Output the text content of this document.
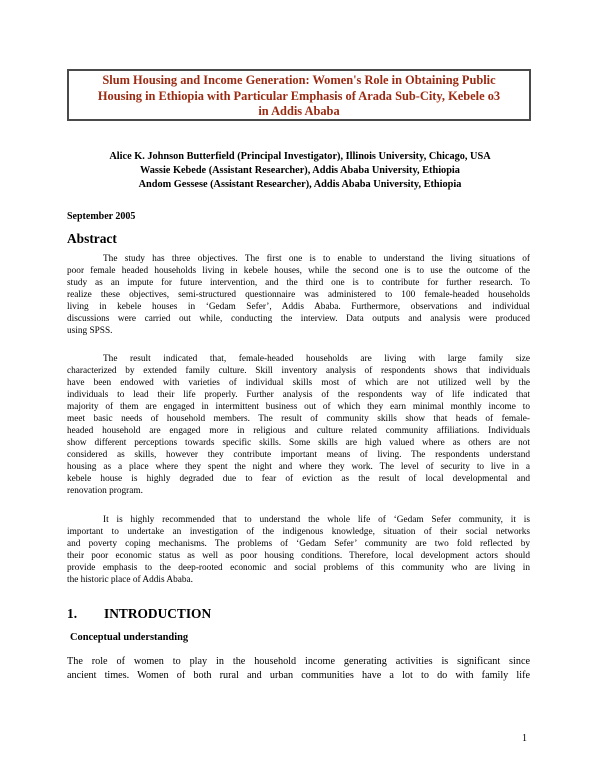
Slum Housing and Income Generation: Women's Role in Obtaining Public
Housing in Ethiopia with Particular Emphasis of Arada Sub-City, Kebele o3
in Addis Ababa
Alice K. Johnson Butterfield (Principal Investigator), Illinois University, Chicago, USA
Wassie Kebede (Assistant Researcher), Addis Ababa University, Ethiopia
Andom Gessese (Assistant Researcher), Addis Ababa University, Ethiopia
September 2005
Abstract
The study has three objectives. The first one is to enable to understand the living situations of
poor female headed households living in kebele houses, while the second one is to use the outcome of the
study as an impute for future intervention, and the third one is to contribute for further research. To
realize these objectives, semi-structured questionnaire was administered to 100 female-headed households
living in kebele houses in ‘Gedam Sefer’, Addis Ababa. Furthermore, observations and individual
discussions were carried out while, conducting the interview. Data outputs and analysis were produced
using SPSS.
The result indicated that, female-headed households are living with large family size
characterized by extended family culture. Skill inventory analysis of respondents shows that individuals
have been endowed with varieties of individual skills most of which are not utilized well by the
individuals to lead their life properly. Further analysis of the respondents way of life indicated that
majority of them are engaged in intermittent business out of which they earn minimal monthly income to
meet basic needs of household members. The result of community skills show that heads of female-
headed household are engaged more in religious and culture related community affiliations. Individuals
show different perceptions towards specific skills. Some skills are high valued where as others are not
considered as skills, however they contribute important means of living. The respondents understand
housing as a place where they spent the night and where they work. The level of security to live in a
kebele house is highly degraded due to fear of eviction as the result of local developmental and
renovation program.
It is highly recommended that to understand the whole life of ‘Gedam Sefer community, it is
important to undertake an investigation of the indigenous knowledge, situation of their social networks
and poverty coping mechanisms. The problems of ‘Gedam Sefer’ community are two fold reflected by
their poor economic status as well as poor housing conditions. Therefore, local development actors should
provide emphasis to the deep-rooted economic and social problems of this community who are living in
the historic place of Addis Ababa.
1. INTRODUCTION
Conceptual understanding
The role of women to play in the household income generating activities is significant since
ancient times. Women of both rural and urban communities have a lot to do with family life
1
